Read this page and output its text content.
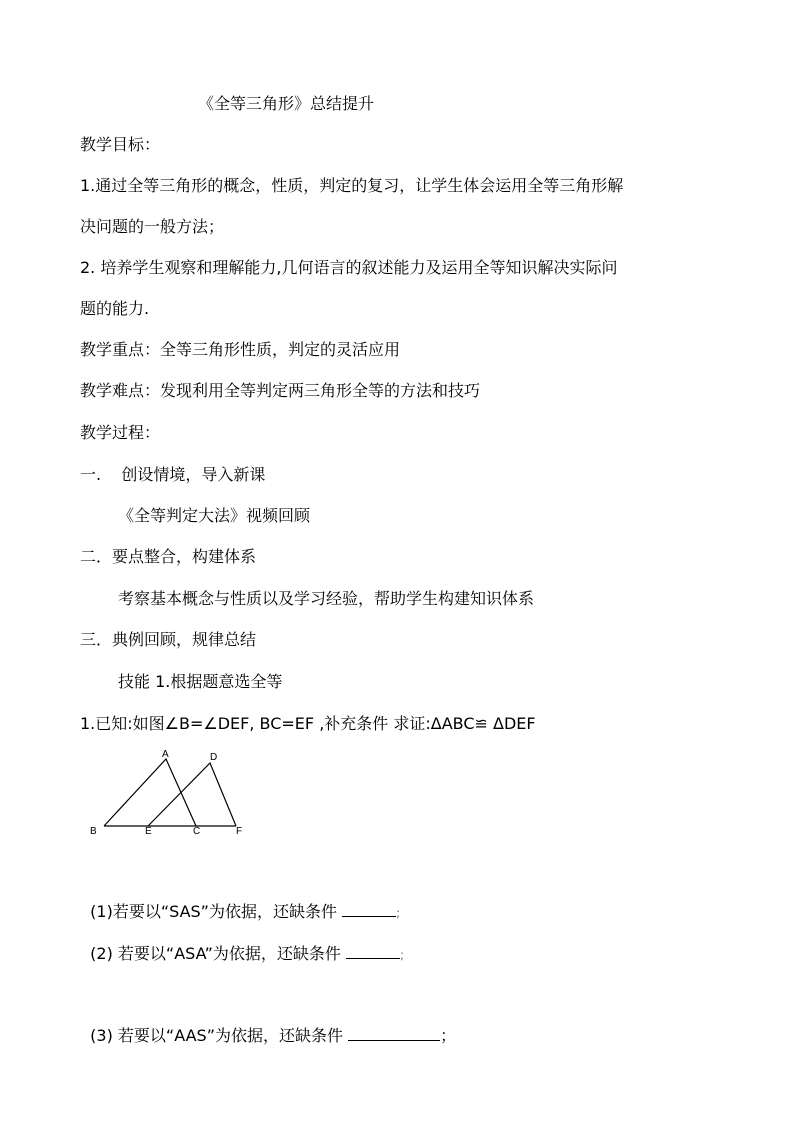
《全等三角形》总结提升
教学目标：
1.通过全等三角形的概念，性质，判定的复习，让学生体会运用全等三角形解
决问题的一般方法；
2. 培养学生观察和理解能力,几何语言的叙述能力及运用全等知识解决实际问
题的能力.
教学重点：全等三角形性质，判定的灵活应用
教学难点：发现利用全等判定两三角形全等的方法和技巧
教学过程：
一.    创设情境，导入新课
《全等判定大法》视频回顾
二．要点整合，构建体系
考察基本概念与性质以及学习经验，帮助学生构建知识体系
三．典例回顾，规律总结
技能 1.根据题意选全等
1.已知:如图∠B=∠DEF, BC=EF ,补充条件 求证:ΔABC≌ ΔDEF
A	D
B	E	C	F

(1)若要以“SAS”为依据，还缺条件	;

(2) 若要以“ASA”为依据，还缺条件	;

(3) 若要以“AAS”为依据，还缺条件	；
